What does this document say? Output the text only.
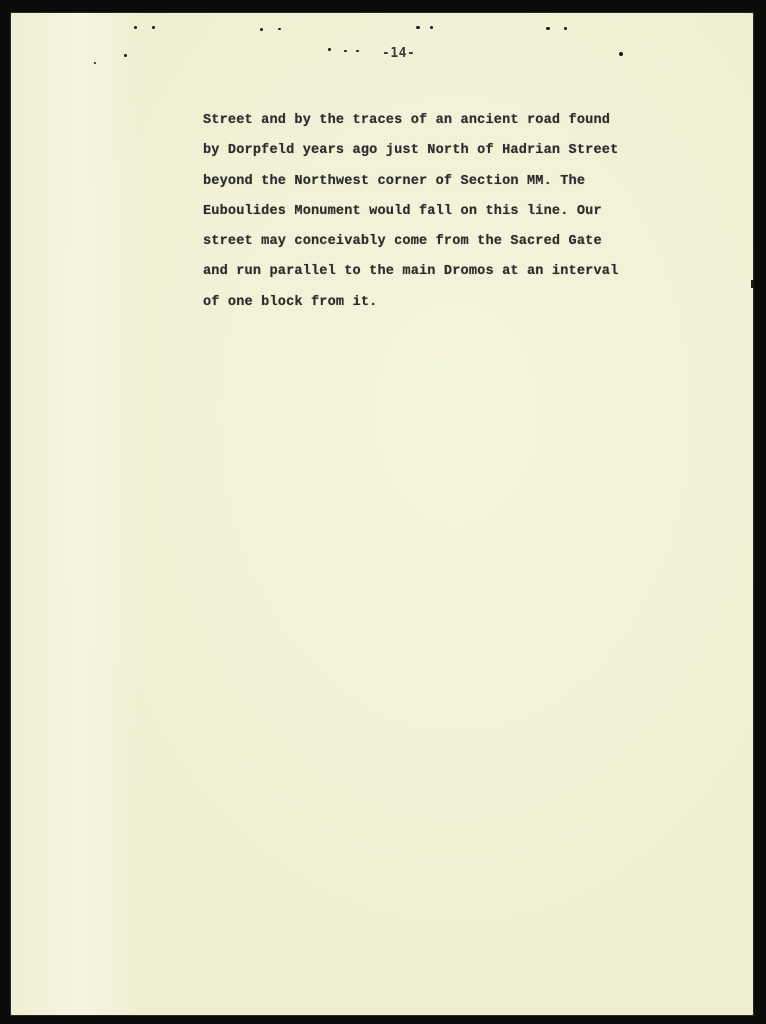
-14-
Street and by the traces of an ancient road found
by Dorpfeld years ago just North of Hadrian Street
beyond the Northwest corner of Section MM. The
Euboulides Monument would fall on this line. Our
street may conceivably come from the Sacred Gate
and run parallel to the main Dromos at an interval
of one block from it.
